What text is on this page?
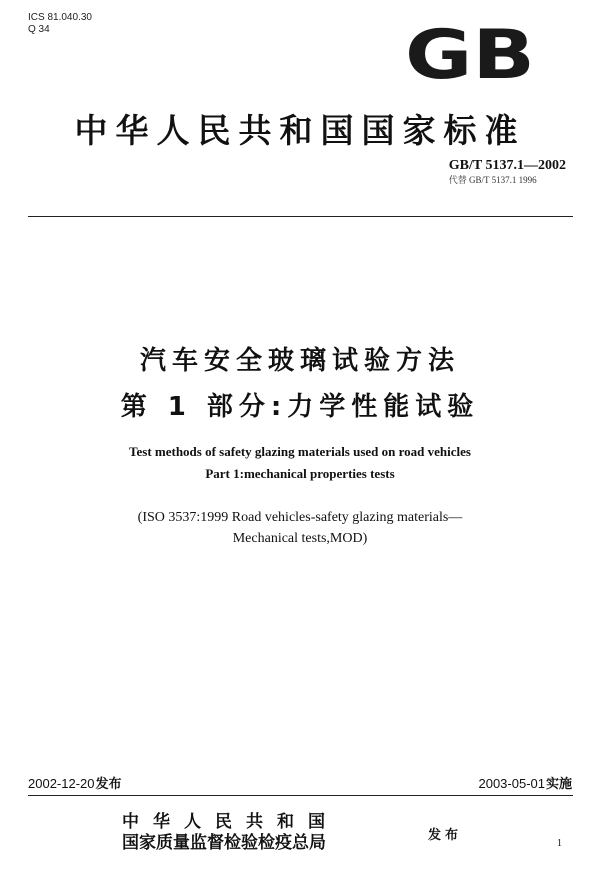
ICS 81.040.30
Q 34	GB
中华人民共和国国家标准
GB/T 5137.1—2002
代替 GB/T 5137.1 1996
汽车安全玻璃试验方法
第 1 部分:力学性能试验
Test methods of safety glazing materials used on road vehicles
Part 1:mechanical properties tests
(ISO 3537:1999 Road vehicles-safety glazing materials—
Mechanical tests,MOD)
2002-12-20发布	2003-05-01实施
中华人民共和国
国家质量监督检验检疫总局	发布
1
